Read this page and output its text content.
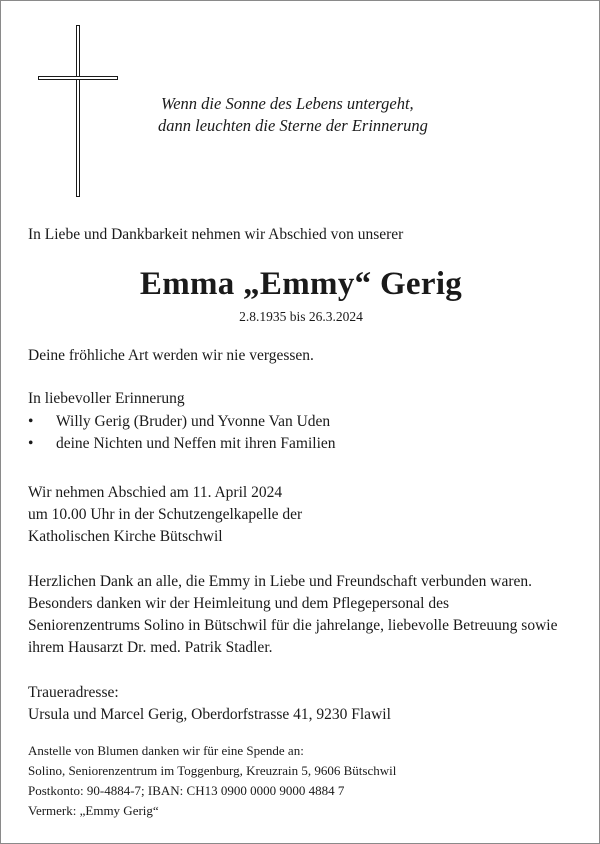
Wenn die Sonne des Lebens untergeht,
dann leuchten die Sterne der Erinnerung
In Liebe und Dankbarkeit nehmen wir Abschied von unserer
Emma „Emmy“ Gerig
2.8.1935 bis 26.3.2024
Deine fröhliche Art werden wir nie vergessen.
In liebevoller Erinnerung
• Willy Gerig (Bruder) und Yvonne Van Uden
• deine Nichten und Neffen mit ihren Familien
Wir nehmen Abschied am 11. April 2024
um 10.00 Uhr in der Schutzengelkapelle der
Katholischen Kirche Bütschwil
Herzlichen Dank an alle, die Emmy in Liebe und Freundschaft verbunden waren.
Besonders danken wir der Heimleitung und dem Pflegepersonal des
Seniorenzentrums Solino in Bütschwil für die jahrelange, liebevolle Betreuung sowie
ihrem Hausarzt Dr. med. Patrik Stadler.
Traueradresse:
Ursula und Marcel Gerig, Oberdorfstrasse 41, 9230 Flawil
Anstelle von Blumen danken wir für eine Spende an:
Solino, Seniorenzentrum im Toggenburg, Kreuzrain 5, 9606 Bütschwil
Postkonto: 90-4884-7; IBAN: CH13 0900 0000 9000 4884 7
Vermerk: „Emmy Gerig“
